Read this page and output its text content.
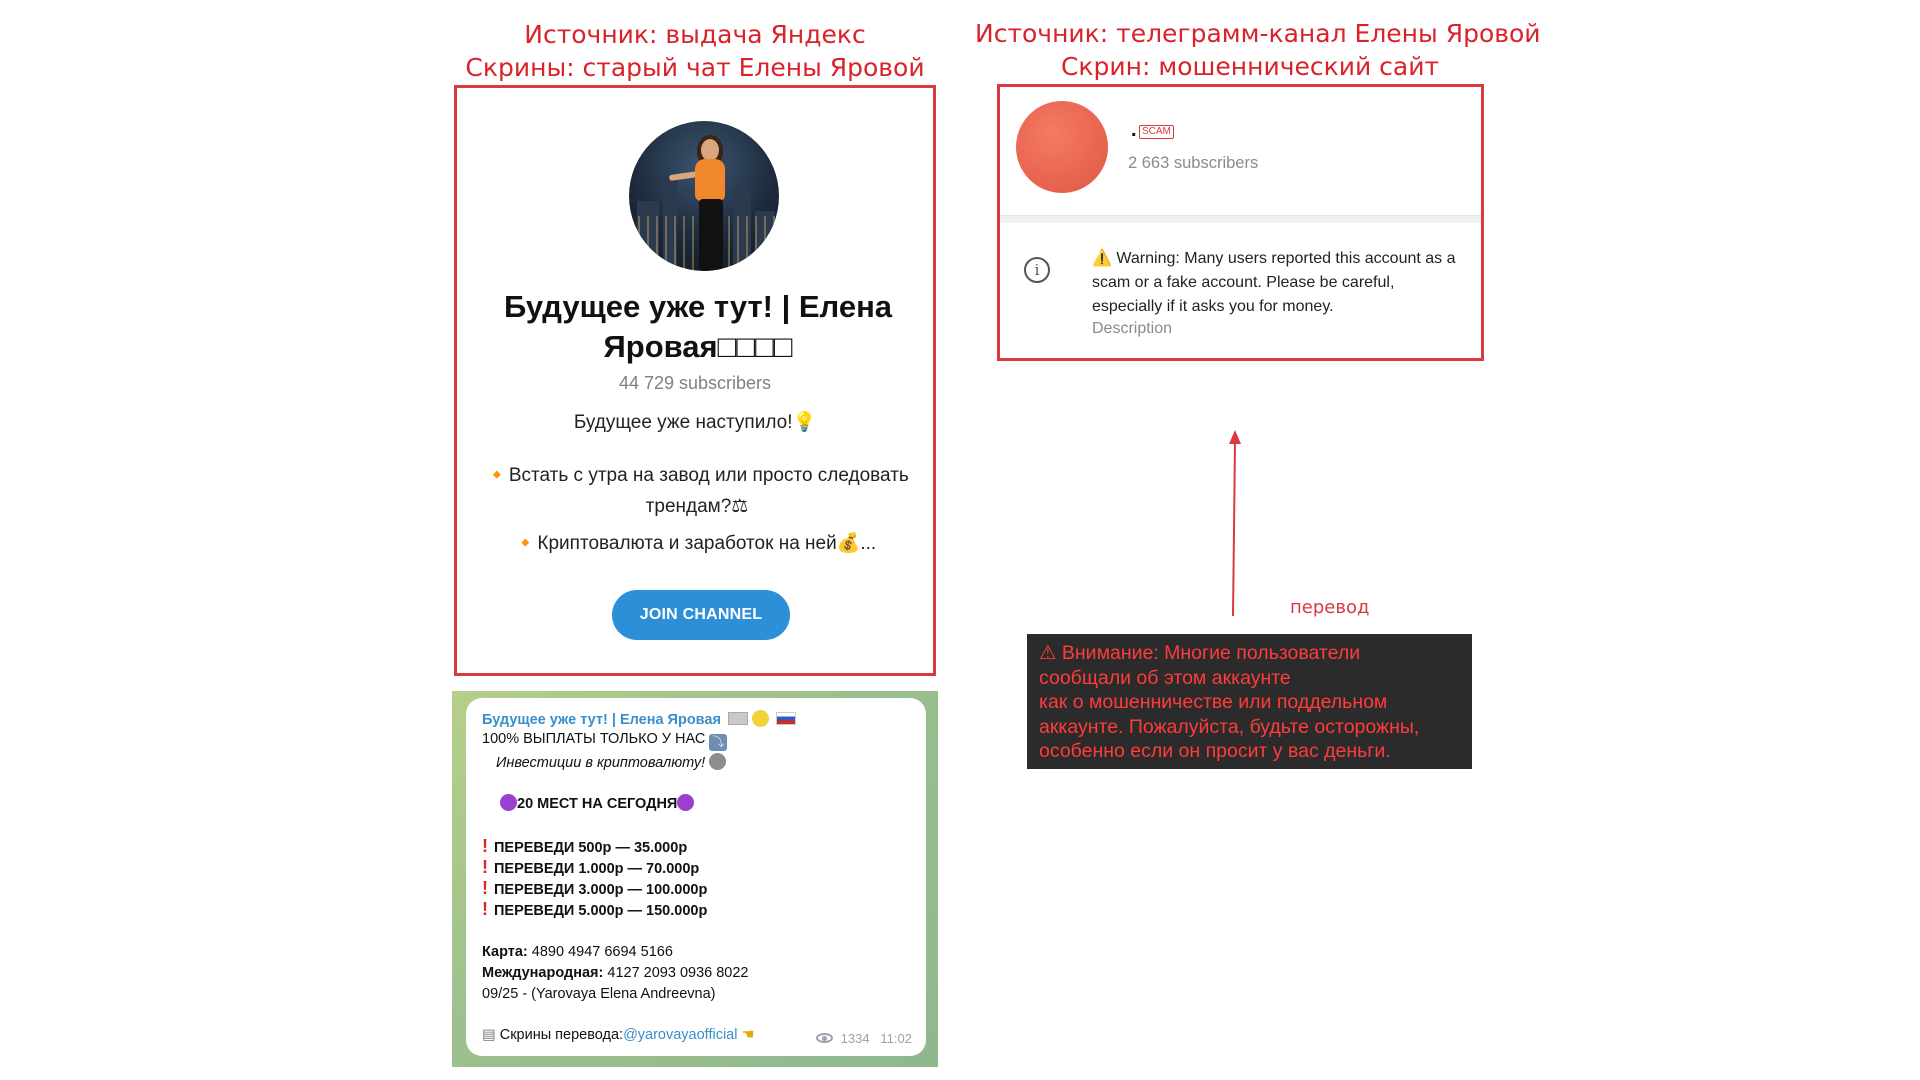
Источник: выдача Яндекс
Скрины: старый чат Елены Яровой
Источник: телеграмм-канал Елены Яровой
Скрин: мошеннический сайт
Будущее уже тут! | Елена Яровая□□□□
44 729 subscribers
Будущее уже наступило!💡
🔸Встать с утра на завод или просто следовать трендам?⚖
🔸Криптовалюта и заработок на ней💰...
JOIN CHANNEL
Будущее уже тут! | Елена Яровая
100% ВЫПЛАТЫ ТОЛЬКО У НАС ⤵
Инвестиции в криптовалюту!
20 МЕСТ НА СЕГОДНЯ
! ПЕРЕВЕДИ 500р — 35.000р
! ПЕРЕВЕДИ 1.000р — 70.000р
! ПЕРЕВЕДИ 3.000р — 100.000р
! ПЕРЕВЕДИ 5.000р — 150.000р
Карта: 4890 4947 6694 5166
Международная: 4127 2093 0936 8022
09/25 - (Yarovaya Elena Andreevna)
▤ Скрины перевода:@yarovayaofficial ☚	1334 11:02
. SCAM
2 663 subscribers
i
⚠️ Warning: Many users reported this account as a scam or a fake account. Please be careful, especially if it asks you for money.
Description
перевод
⚠ Внимание: Многие пользователи
сообщали об этом аккаунте
как о мошенничестве или поддельном
аккаунте. Пожалуйста, будьте осторожны,
особенно если он просит у вас деньги.
